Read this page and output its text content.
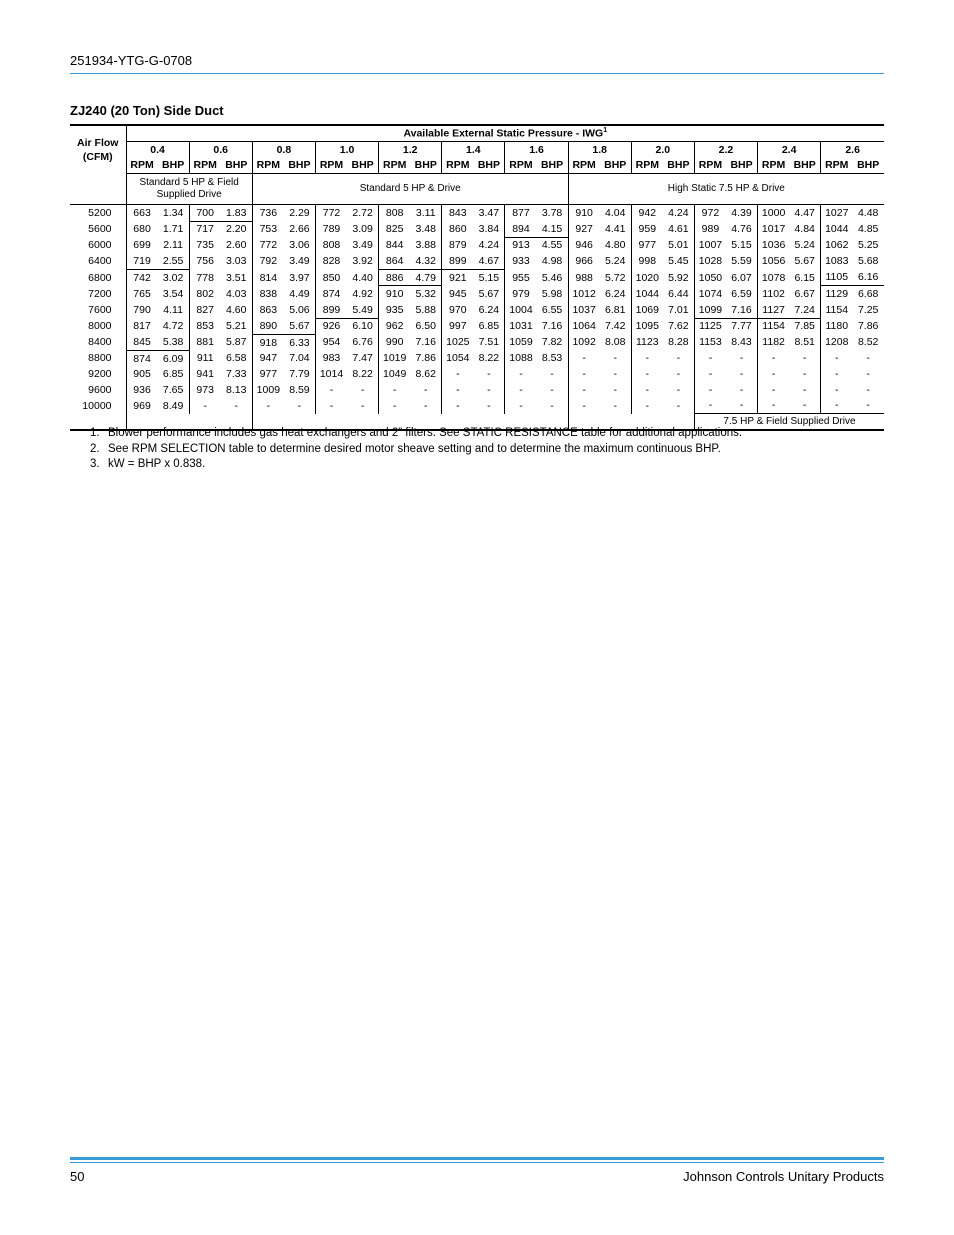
251934-YTG-G-0708
ZJ240 (20 Ton) Side Duct
Air Flow
(CFM)	Available External Static Pressure - IWG$^1$
	0.4		0.6		0.8		1.0		1.2		1.4		1.6		1.8		2.0		2.2		2.4		2.6	
	RPM	BHP	RPM	BHP	RPM	BHP	RPM	BHP	RPM	BHP	RPM	BHP	RPM	BHP	RPM	BHP	RPM	BHP	RPM	BHP	RPM	BHP	RPM	BHP
	Standard 5 HP & Field Supplied Drive				Standard 5 HP & Drive										High Static 7.5 HP & Drive									
5200	663	1.34	700	1.83	736	2.29	772	2.72	808	3.11	843	3.47	877	3.78	910	4.04	942	4.24	972	4.39	1000	4.47	1027	4.48
5600	680	1.71	717	2.20	753	2.66	789	3.09	825	3.48	860	3.84	894	4.15	927	4.41	959	4.61	989	4.76	1017	4.84	1044	4.85
6000	699	2.11	735	2.60	772	3.06	808	3.49	844	3.88	879	4.24	913	4.55	946	4.80	977	5.01	1007	5.15	1036	5.24	1062	5.25
6400	719	2.55	756	3.03	792	3.49	828	3.92	864	4.32	899	4.67	933	4.98	966	5.24	998	5.45	1028	5.59	1056	5.67	1083	5.68
6800	742	3.02	778	3.51	814	3.97	850	4.40	886	4.79	921	5.15	955	5.46	988	5.72	1020	5.92	1050	6.07	1078	6.15	1105	6.16
7200	765	3.54	802	4.03	838	4.49	874	4.92	910	5.32	945	5.67	979	5.98	1012	6.24	1044	6.44	1074	6.59	1102	6.67	1129	6.68
7600	790	4.11	827	4.60	863	5.06	899	5.49	935	5.88	970	6.24	1004	6.55	1037	6.81	1069	7.01	1099	7.16	1127	7.24	1154	7.25
8000	817	4.72	853	5.21	890	5.67	926	6.10	962	6.50	997	6.85	1031	7.16	1064	7.42	1095	7.62	1125	7.77	1154	7.85	1180	7.86
8400	845	5.38	881	5.87	918	6.33	954	6.76	990	7.16	1025	7.51	1059	7.82	1092	8.08	1123	8.28	1153	8.43	1182	8.51	1208	8.52
8800	874	6.09	911	6.58	947	7.04	983	7.47	1019	7.86	1054	8.22	1088	8.53	-	-	-	-	-	-	-	-	-	-
9200	905	6.85	941	7.33	977	7.79	1014	8.22	1049	8.62	-	-	-	-	-	-	-	-	-	-	-	-	-	-
9600	936	7.65	973	8.13	1009	8.59	-	-	-	-	-	-	-	-	-	-	-	-	-	-	-	-	-	-
10000	969	8.49	-	-	-	-	-	-	-	-	-	-	-	-	-	-	-	-	-	-	-	-	-	-
																			7.5 HP & Field Supplied Drive					
1. Blower performance includes gas heat exchangers and 2” filters. See STATIC RESISTANCE table for additional applications.
2. See RPM SELECTION table to determine desired motor sheave setting and to determine the maximum continuous BHP.
3. kW = BHP x 0.838.
50	Johnson Controls Unitary Products
